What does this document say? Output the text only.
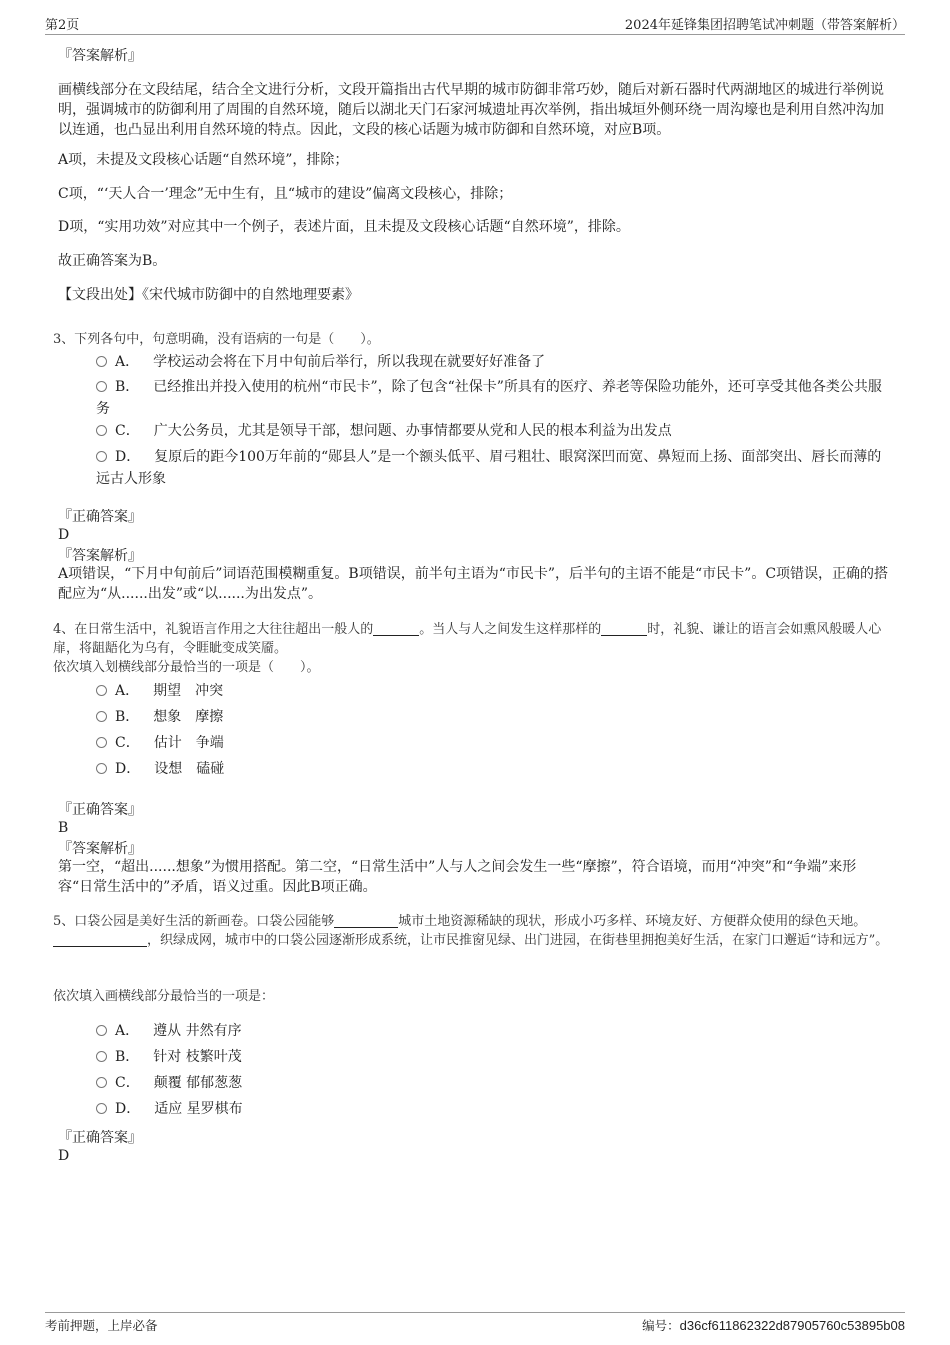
第2页	2024年延锋集团招聘笔试冲刺题（带答案解析）
『答案解析』
画横线部分在文段结尾，结合全文进行分析，文段开篇指出古代早期的城市防御非常巧妙，随后对新石器时代两湖地区的城进行举例说明，强调城市的防御利用了周围的自然环境，随后以湖北天门石家河城遗址再次举例，指出城垣外侧环绕一周沟壕也是利用自然冲沟加以连通，也凸显出利用自然环境的特点。因此，文段的核心话题为城市防御和自然环境，对应B项。
A项，未提及文段核心话题“自然环境”，排除；
C项，“‘天人合一’理念”无中生有，且“城市的建设”偏离文段核心，排除；
D项，“实用功效”对应其中一个例子，表述片面，且未提及文段核心话题“自然环境”，排除。
故正确答案为B。
【文段出处】《宋代城市防御中的自然地理要素》
3、下列各句中，句意明确，没有语病的一句是（　　）。
A． 学校运动会将在下月中旬前后举行，所以我现在就要好好准备了
B． 已经推出并投入使用的杭州“市民卡”，除了包含“社保卡”所具有的医疗、养老等保险功能外，还可享受其他各类公共服务
C． 广大公务员，尤其是领导干部，想问题、办事情都要从党和人民的根本利益为出发点
D． 复原后的距今100万年前的“郧县人”是一个额头低平、眉弓粗壮、眼窝深凹而宽、鼻短而上扬、面部突出、唇长而薄的远古人形象
『正确答案』
D
『答案解析』
A项错误，“下月中旬前后”词语范围模糊重复。B项错误，前半句主语为“市民卡”，后半句的主语不能是“市民卡”。C项错误，正确的搭配应为“从......出发”或“以......为出发点”。
4、在日常生活中，礼貌语言作用之大往往超出一般人的	。当人与人之间发生这样那样的	时，礼貌、谦让的语言会如熏风般暖人心扉，将龃龉化为乌有，令睚眦变成笑靥。
依次填入划横线部分最恰当的一项是（　　）。
A． 期望 冲突
B． 想象 摩擦
C． 估计 争端
D． 设想 磕碰
『正确答案』
B
『答案解析』
第一空，“超出......想象”为惯用搭配。第二空，“日常生活中”人与人之间会发生一些“摩擦”，符合语境，而用“冲突”和“争端”来形容“日常生活中的”矛盾，语义过重。因此B项正确。
5、口袋公园是美好生活的新画卷。口袋公园能够	城市土地资源稀缺的现状，形成小巧多样、环境友好、方便群众使用的绿色天地。，织绿成网，城市中的口袋公园逐渐形成系统，让市民推窗见绿、出门进园，在街巷里拥抱美好生活，在家门口邂逅“诗和远方”。
依次填入画横线部分最恰当的一项是：
A． 遵从 井然有序
B． 针对 枝繁叶茂
C． 颠覆 郁郁葱葱
D． 适应 星罗棋布
『正确答案』
D
考前押题，上岸必备	编号：d36cf611862322d87905760c53895b08
